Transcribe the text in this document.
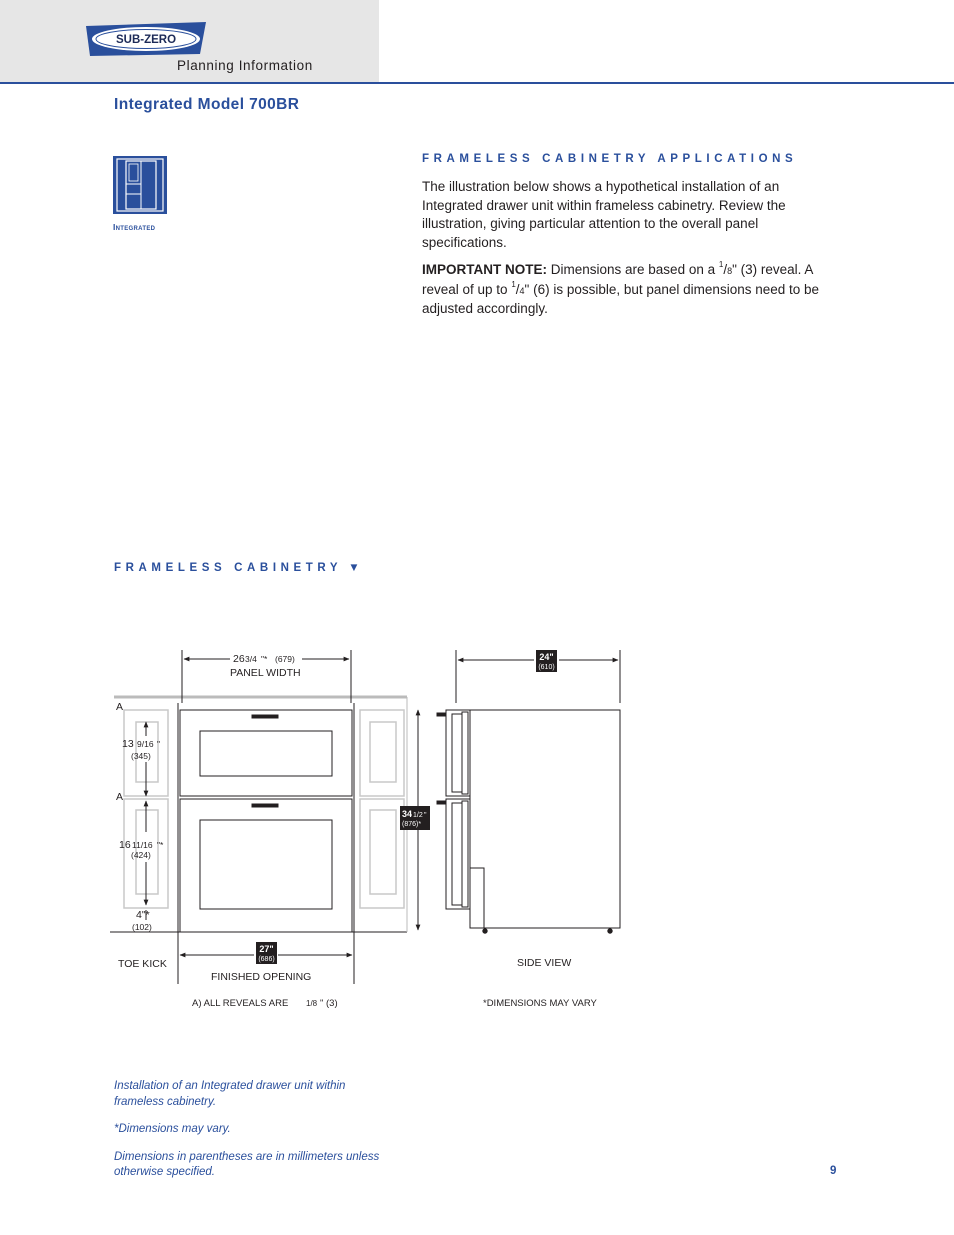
SUB-ZERO
Planning Information
Integrated Model 700BR
Integrated
FRAMELESS CABINETRY APPLICATIONS

The illustration below shows a hypothetical installation of an Integrated drawer unit within frameless cabinetry. Review the illustration, giving particular attention to the overall panel specifications.

IMPORTANT NOTE: Dimensions are based on a $^1$/8" (3) reveal. A reveal of up to $^1$/4" (6) is possible, but panel dimensions need to be adjusted accordingly.

FRAMELESS CABINETRY ▼
26 3/4 "* (679)
PANEL WIDTH
24"
(610)
A
A
13 9/16 "
(345)
16 11/16 "*
(424)
4"*
(102)
TOE KICK
34 1/2 "
(876)*
27"
(686)
FINISHED OPENING
SIDE VIEW
A) ALL REVEALS ARE 1/8 " (3)	*DIMENSIONS MAY VARY

Installation of an Integrated drawer unit within frameless cabinetry.

*Dimensions may vary.

Dimensions in parentheses are in millimeters unless otherwise specified.	9
